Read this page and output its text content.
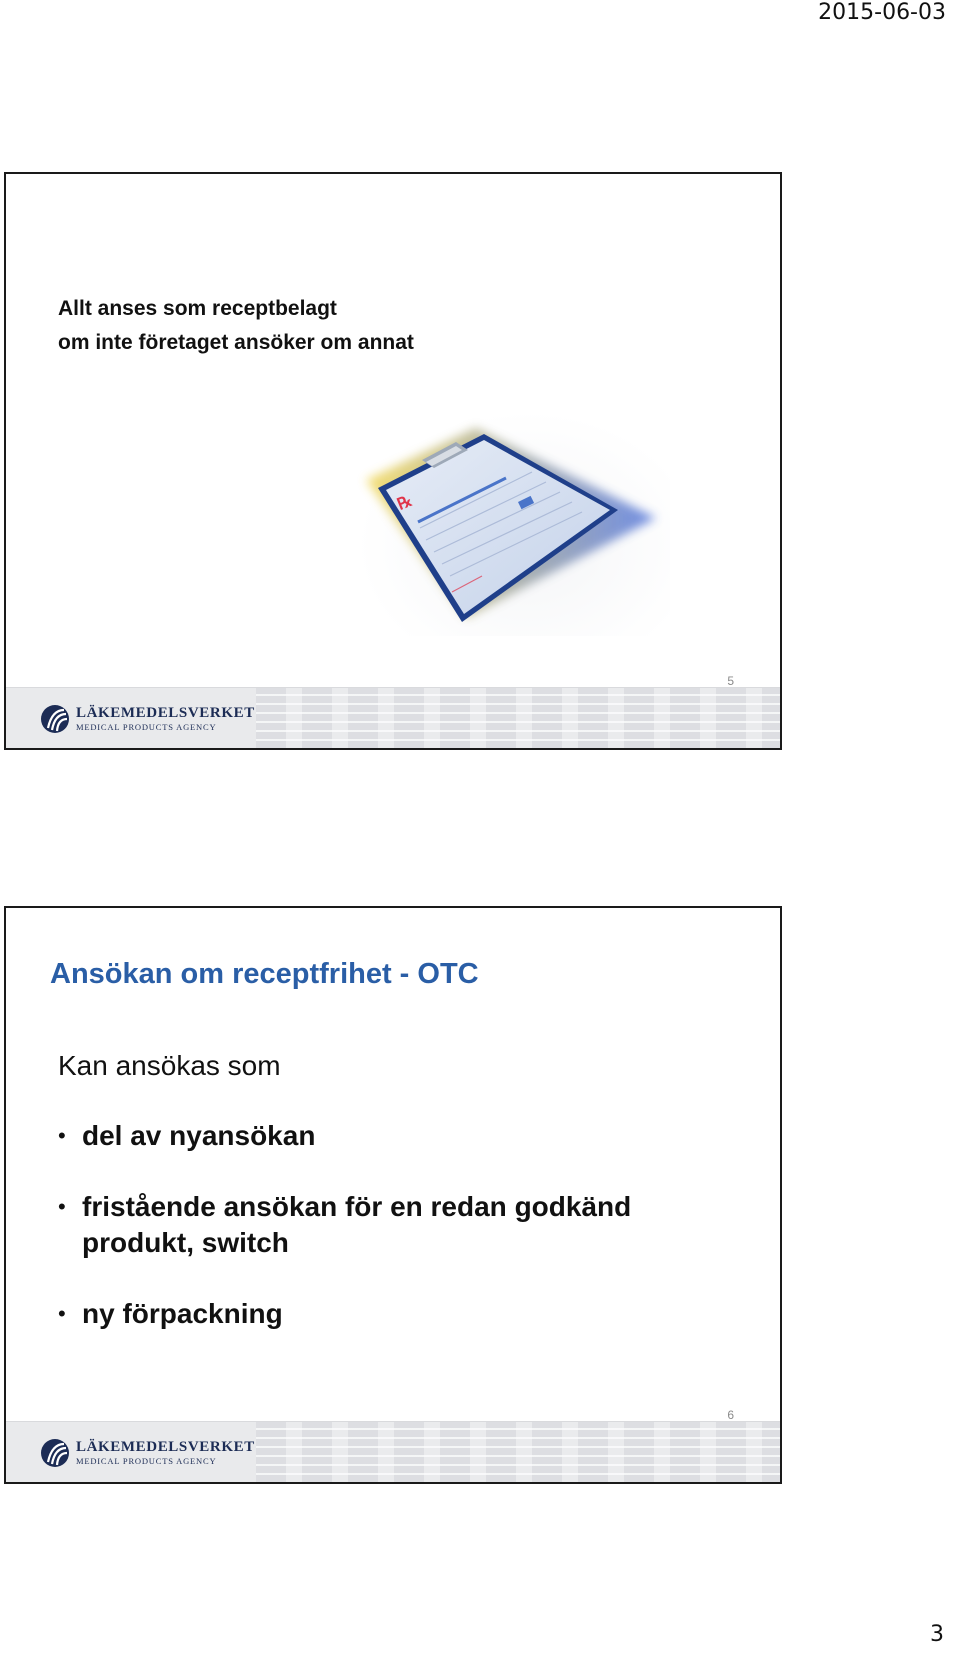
2015-06-03
Allt anses som receptbelagt
om inte företaget ansöker om annat
℞
5
LÄKEMEDELSVERKET
MEDICAL PRODUCTS AGENCY
Ansökan om receptfrihet - OTC
Kan ansökas som
• del av nyansökan
• fristående ansökan för en redan godkänd produkt, switch
• ny förpackning
6
LÄKEMEDELSVERKET
MEDICAL PRODUCTS AGENCY
3
